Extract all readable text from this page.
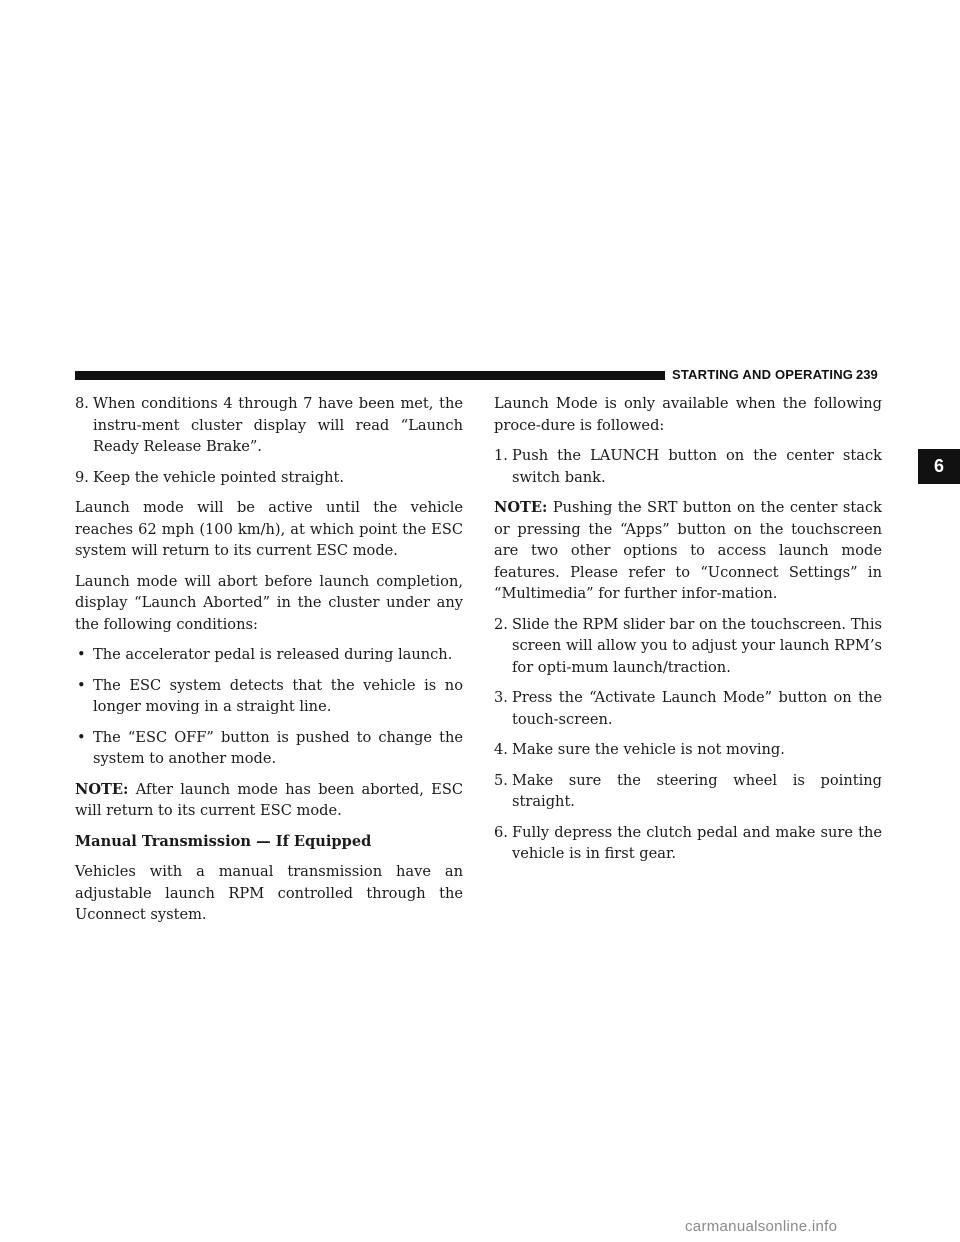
STARTING AND OPERATING 239
6
8. When conditions 4 through 7 have been met, the instru-ment cluster display will read “Launch Ready Release Brake”.
9. Keep the vehicle pointed straight.

Launch mode will be active until the vehicle reaches 62 mph (100 km/h), at which point the ESC system will return to its current ESC mode.

Launch mode will abort before launch completion, display “Launch Aborted” in the cluster under any the following conditions:

• The accelerator pedal is released during launch.
• The ESC system detects that the vehicle is no longer moving in a straight line.
• The “ESC OFF” button is pushed to change the system to another mode.

NOTE: After launch mode has been aborted, ESC will return to its current ESC mode.

Manual Transmission — If Equipped

Vehicles with a manual transmission have an adjustable launch RPM controlled through the Uconnect system.

Launch Mode is only available when the following proce-dure is followed:

1. Push the LAUNCH button on the center stack switch bank.

NOTE: Pushing the SRT button on the center stack or pressing the “Apps” button on the touchscreen are two other options to access launch mode features. Please refer to “Uconnect Settings” in “Multimedia” for further infor-mation.

2. Slide the RPM slider bar on the touchscreen. This screen will allow you to adjust your launch RPM’s for opti-mum launch/traction.
3. Press the “Activate Launch Mode” button on the touch-screen.
4. Make sure the vehicle is not moving.
5. Make sure the steering wheel is pointing straight.
6. Fully depress the clutch pedal and make sure the vehicle is in first gear.
carmanualsonline.info
